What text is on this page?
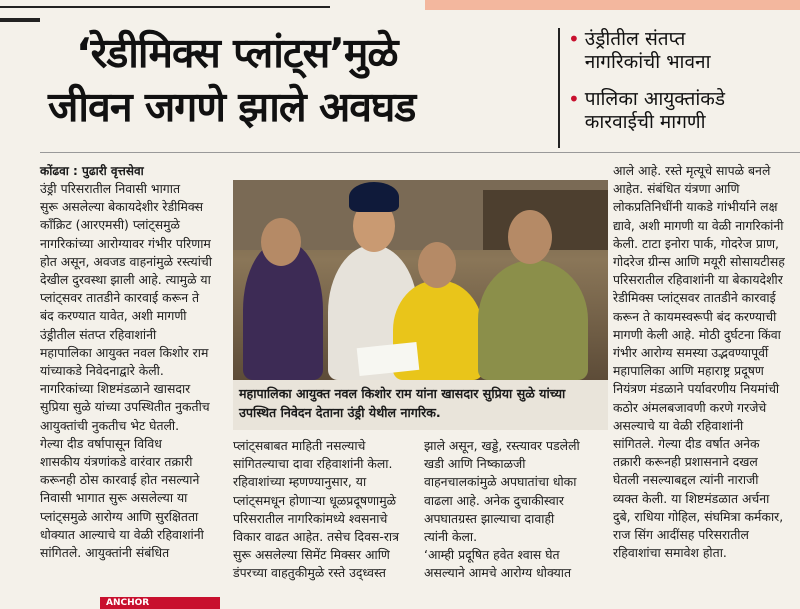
‘रेडीमिक्स प्लांट्स’मुळे
जीवन जगणे झाले अवघड
• उंड्रीतील संतप्त
नागरिकांची भावना
• पालिका आयुक्तांकडे
कारवाईची मागणी
कोंढवा : पुढारी वृत्तसेवा
उंड्री परिसरातील निवासी भागात
सुरू असलेल्या बेकायदेशीर रेडीमिक्स
कॉंक्रिट (आरएमसी) प्लांट्समुळे
नागरिकांच्या आरोग्यावर गंभीर परिणाम
होत असून, अवजड वाहनांमुळे रस्त्यांची
देखील दुरवस्था झाली आहे. त्यामुळे या
प्लांट्सवर तातडीने कारवाई करून ते
बंद करण्यात यावेत, अशी मागणी
उंड्रीतील संतप्त रहिवाशांनी
महापालिका आयुक्त नवल किशोर राम
यांच्याकडे निवेदनाद्वारे केली.
नागरिकांच्या शिष्टमंडळाने खासदार
सुप्रिया सुळे यांच्या उपस्थितीत नुकतीच
आयुक्तांची नुकतीच भेट घेतली.
गेल्या दीड वर्षापासून विविध
शासकीय यंत्रणांकडे वारंवार तक्रारी
करूनही ठोस कारवाई होत नसल्याने
निवासी भागात सुरू असलेल्या या
प्लांट्समुळे आरोग्य आणि सुरक्षितता
धोक्यात आल्याचे या वेळी रहिवाशांनी
सांगितले. आयुक्तांनी संबंधित
महापालिका आयुक्त नवल किशोर राम यांना खासदार सुप्रिया सुळे यांच्या
उपस्थित निवेदन देताना उंड्री येथील नागरिक.
प्लांट्सबाबत माहिती नसल्याचे
सांगितल्याचा दावा रहिवाशांनी केला.
रहिवाशांच्या म्हणण्यानुसार, या
प्लांट्समधून होणाऱ्या धूळप्रदूषणामुळे
परिसरातील नागरिकांमध्ये श्वसनाचे
विकार वाढत आहेत. तसेच दिवस-रात्र
सुरू असलेल्या सिमेंट मिक्सर आणि
डंपरच्या वाहतुकीमुळे रस्ते उद्ध्वस्त
झाले असून, खड्डे, रस्त्यावर पडलेली
खडी आणि निष्काळजी
वाहनचालकांमुळे अपघातांचा धोका
वाढला आहे. अनेक दुचाकीस्वार
अपघातग्रस्त झाल्याचा दावाही
त्यांनी केला.
‘आम्ही प्रदूषित हवेत श्वास घेत
असल्याने आमचे आरोग्य धोक्यात
आले आहे. रस्ते मृत्यूचे सापळे बनले
आहेत. संबंधित यंत्रणा आणि
लोकप्रतिनिधींनी याकडे गांभीर्याने लक्ष
द्यावे, अशी मागणी या वेळी नागरिकांनी
केली. टाटा इनोरा पार्क, गोदरेज प्राण,
गोदरेज ग्रीन्स आणि मयूरी सोसायटीसह
परिसरातील रहिवाशांनी या बेकायदेशीर
रेडीमिक्स प्लांट्सवर तातडीने कारवाई
करून ते कायमस्वरूपी बंद करण्याची
मागणी केली आहे. मोठी दुर्घटना किंवा
गंभीर आरोग्य समस्या उद्भवण्यापूर्वी
महापालिका आणि महाराष्ट्र प्रदूषण
नियंत्रण मंडळाने पर्यावरणीय नियमांची
कठोर अंमलबजावणी करणे गरजेचे
असल्याचे या वेळी रहिवाशांनी
सांगितले. गेल्या दीड वर्षात अनेक
तक्रारी करूनही प्रशासनाने दखल
घेतली नसल्याबद्दल त्यांनी नाराजी
व्यक्त केली. या शिष्टमंडळात अर्चना
दुबे, राधिया गोहिल, संघमित्रा कर्मकार,
राज सिंग आदींसह परिसरातील
रहिवाशांचा समावेश होता.
ANCHOR
